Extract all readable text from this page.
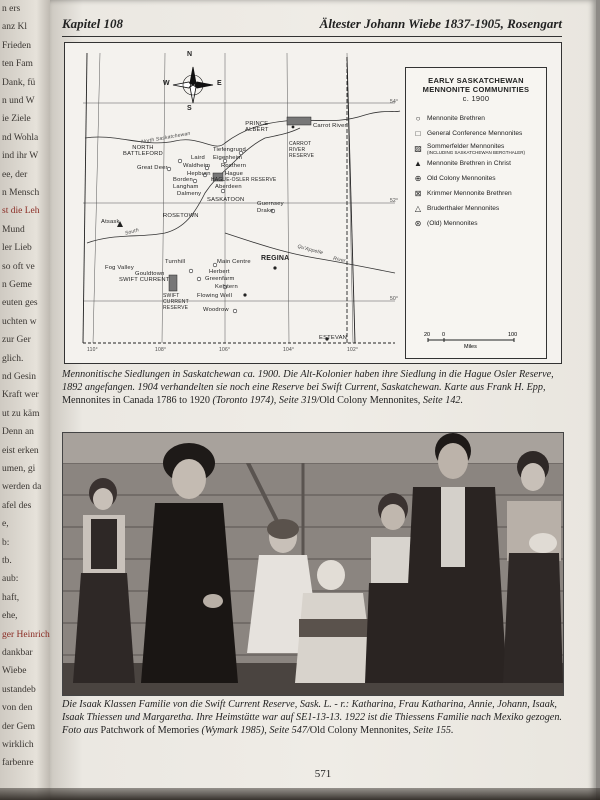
n ers
anz Kl
Frieden
ten Fam
Dank, fü
n und W
ie Ziele
nd Wohla
ind ihr W
ee, der
n Mensch
st die Leh
Mund
ler Lieb
so oft ve
n Geme
euten ges
uchten w
zur Ger
glich.
nd Gesin
Kraft wer
ut zu käm
Denn an
eist erken
umen, gi
werden da
afel des
e,
b:
tb.
aub:
haft,
ehe,
ger Heinrich
dankbar
Wiebe
ustandeb
von den
der Gem
wirklich
farbenre
Kapitel 108	Ältester Johann Wiebe 1837-1905, Rosengart
N
S
W	E
PRINCE
ALBERT
Carrot River
CARROT
RIVER
RESERVE
Tiefengrund
Laird Eigenheim
Waldheim Rosthern
Hepburn Hague
NORTH
BATTLEFORD
Great Deer
Borden
Langham
HAGUE-OSLER RESERVE
Aberdeen
Dalmeny
SASKATOON
Guernsey
Drake
ROSETOWN
Atsask
Fog Valley
Gouldtown
Turnhill	Main Centre
SWIFT CURRENT
Herbert
Greenfarm
Kelstern
SWIFT
CURRENT
RESERVE
Flowing Well
Woodrow
REGINA
ESTEVAN
North Saskatchewan
South
Qu'Appelle
River
54°
52°
50°
110°	108°	106°	104°	102°
EARLY SASKATCHEWAN
MENNONITE COMMUNITIES
c. 1900
○ Mennonite Brethren
□ General Conference Mennonites
▨ Sommerfelder Mennonites
(INCLUDING SASKATCHEWAN BERGTHALER)
▲ Mennonite Brethren in Christ
⊕ Old Colony Mennonites
⊠ Krimmer Mennonite Brethren
△ Bruderthaler Mennonites
⊛ (Old) Mennonites
20 0	100
Miles
Mennonitische Siedlungen in Saskatchewan ca. 1900. Die Alt-Kolonier haben ihre Siedlung in die Hague Osler Reserve, 1892 angefangen. 1904 verhandelten sie noch eine Reserve bei Swift Current, Saskatchewan. Karte aus Frank H. Epp, Mennonites in Canada 1786 to 1920 (Toronto 1974), Seite 319/Old Colony Mennonites, Seite 142.
Die Isaak Klassen Familie von die Swift Current Reserve, Sask. L. - r.: Katharina, Frau Katharina, Annie, Johann, Isaak, Isaak Thiessen und Margaretha. Ihre Heimstätte war auf SE1-13-13. 1922 ist die Thiessens Familie nach Mexiko gezogen. Foto aus Patchwork of Memories (Wymark 1985), Seite 547/Old Colony Mennonites, Seite 155.
571
